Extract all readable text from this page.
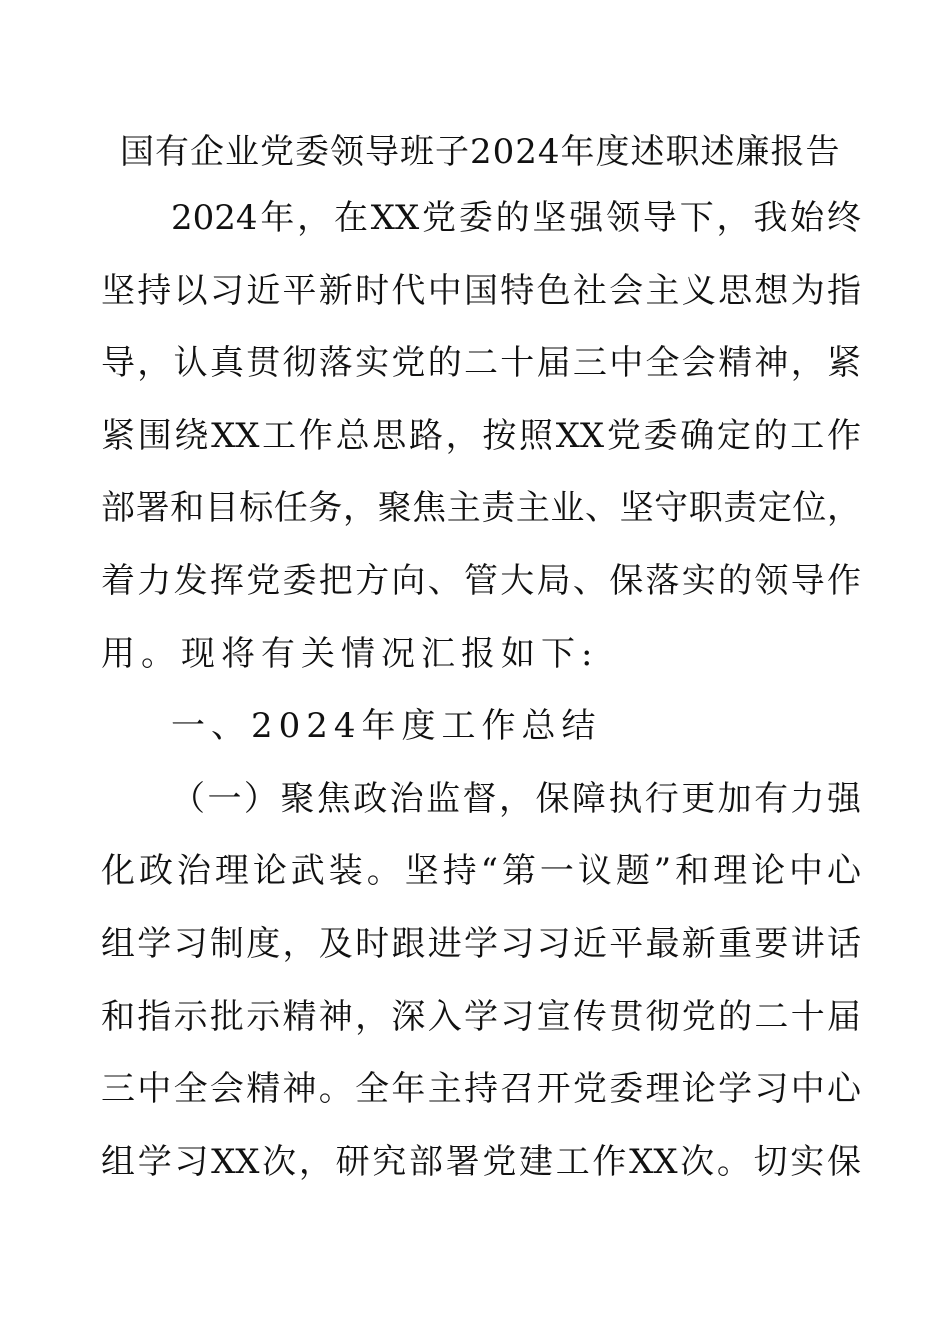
国有企业党委领导班子2024年度述职述廉报告
2024年，在XX党委的坚强领导下，我始终
坚持以习近平新时代中国特色社会主义思想为指
导，认真贯彻落实党的二十届三中全会精神，紧
紧围绕XX工作总思路，按照XX党委确定的工作
部署和目标任务，聚焦主责主业、坚守职责定位，
着力发挥党委把方向、管大局、保落实的领导作
用。现将有关情况汇报如下:
一、2024年度工作总结
（一）聚焦政治监督，保障执行更加有力强
化政治理论武装。坚持“第一议题”和理论中心
组学习制度，及时跟进学习习近平最新重要讲话
和指示批示精神，深入学习宣传贯彻党的二十届
三中全会精神。全年主持召开党委理论学习中心
组学习XX次，研究部署党建工作XX次。切实保
